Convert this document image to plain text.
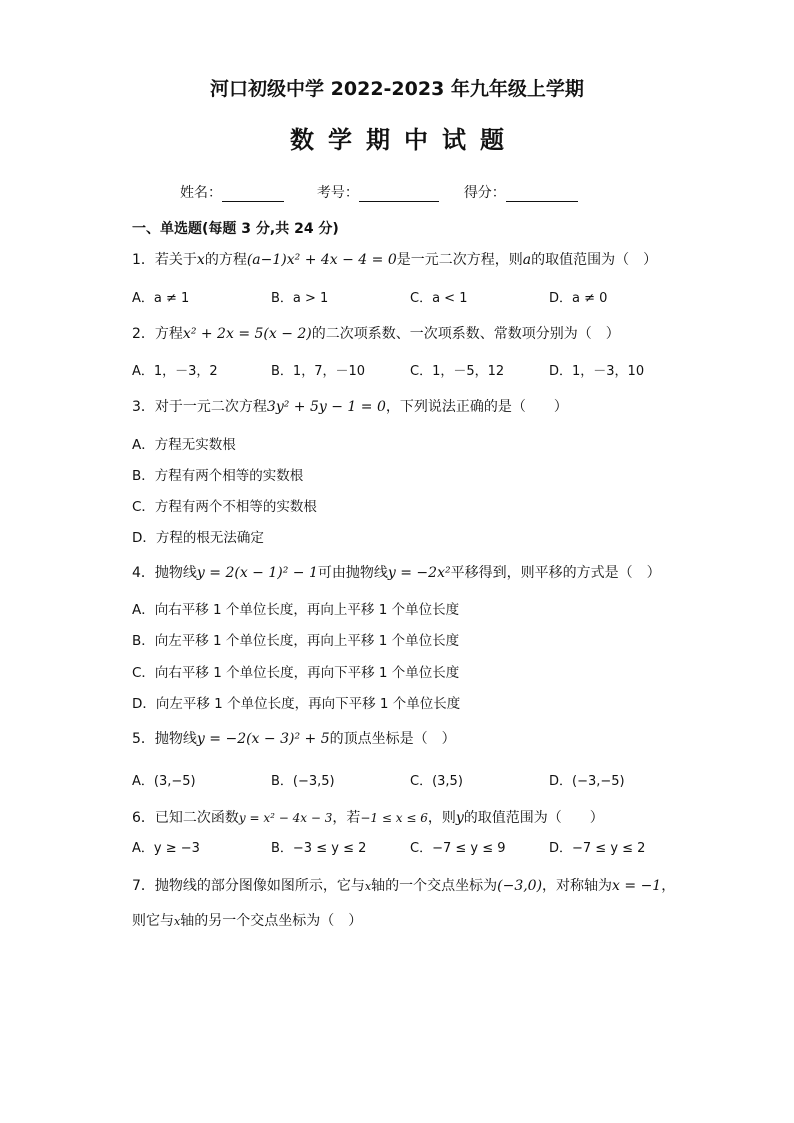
河口初级中学 2022-2023 年九年级上学期
数学期中试题
姓名：	考号：	得分：
一、单选题(每题 3 分,共 24 分)
1．若关于x的方程(a−1)x² + 4x − 4 = 0是一元二次方程，则a的取值范围为（　）
A．a ≠ 1	B．a > 1	C．a < 1	D．a ≠ 0
2．方程x² + 2x = 5(x − 2)的二次项系数、一次项系数、常数项分别为（　）
A．1，－3，2	B．1，7，－10	C．1，－5，12	D．1，－3，10
3．对于一元二次方程3y² + 5y − 1 = 0，下列说法正确的是（　　）
A．方程无实数根
B．方程有两个相等的实数根
C．方程有两个不相等的实数根
D．方程的根无法确定
4．抛物线y = 2(x − 1)² − 1可由抛物线y = −2x²平移得到，则平移的方式是（　）
A．向右平移 1 个单位长度，再向上平移 1 个单位长度
B．向左平移 1 个单位长度，再向上平移 1 个单位长度
C．向右平移 1 个单位长度，再向下平移 1 个单位长度
D．向左平移 1 个单位长度，再向下平移 1 个单位长度
5．抛物线y = −2(x − 3)² + 5的顶点坐标是（　）
A．(3,−5)	B．(−3,5)	C．(3,5)	D．(−3,−5)
6．已知二次函数y = x² − 4x − 3，若−1 ≤ x ≤ 6，则y的取值范围为（　　）
A．y ≥ −3	B．−3 ≤ y ≤ 2	C．−7 ≤ y ≤ 9	D．−7 ≤ y ≤ 2
7．抛物线的部分图像如图所示，它与x轴的一个交点坐标为(−3,0)，对称轴为x = −1，
则它与x轴的另一个交点坐标为（　）
